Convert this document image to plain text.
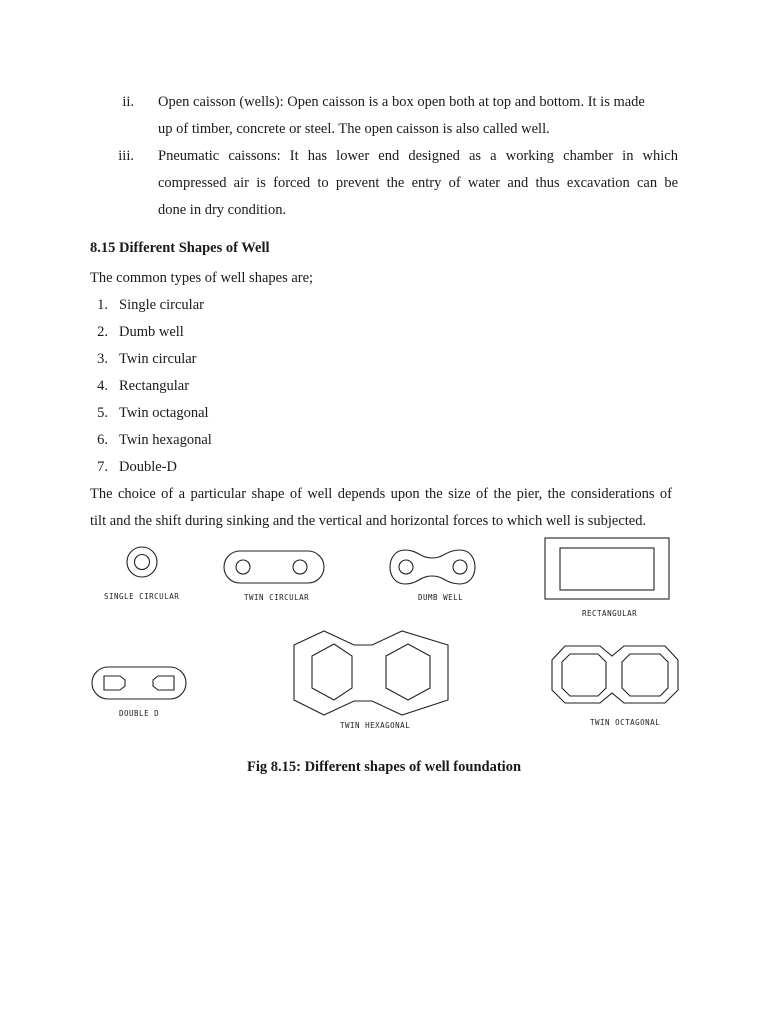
ii. Open caisson (wells): Open caisson is a box open both at top and bottom. It is made
up of timber, concrete or steel. The open caisson is also called well.
iii. Pneumatic caissons: It has lower end designed as a working chamber in which
compressed air is forced to prevent the entry of water and thus excavation can be
done in dry condition.
8.15 Different Shapes of Well
The common types of well shapes are;
1. Single circular
2. Dumb well
3. Twin circular
4. Rectangular
5. Twin octagonal
6. Twin hexagonal
7. Double-D
The choice of a particular shape of well depends upon the size of the pier, the considerations of
tilt and the shift during sinking and the vertical and horizontal forces to which well is subjected.
SINGLE CIRCULAR	TWIN CIRCULAR	DUMB WELL
RECTANGULAR
DOUBLE D
TWIN HEXAGONAL	TWIN OCTAGONAL
Fig 8.15: Different shapes of well foundation
